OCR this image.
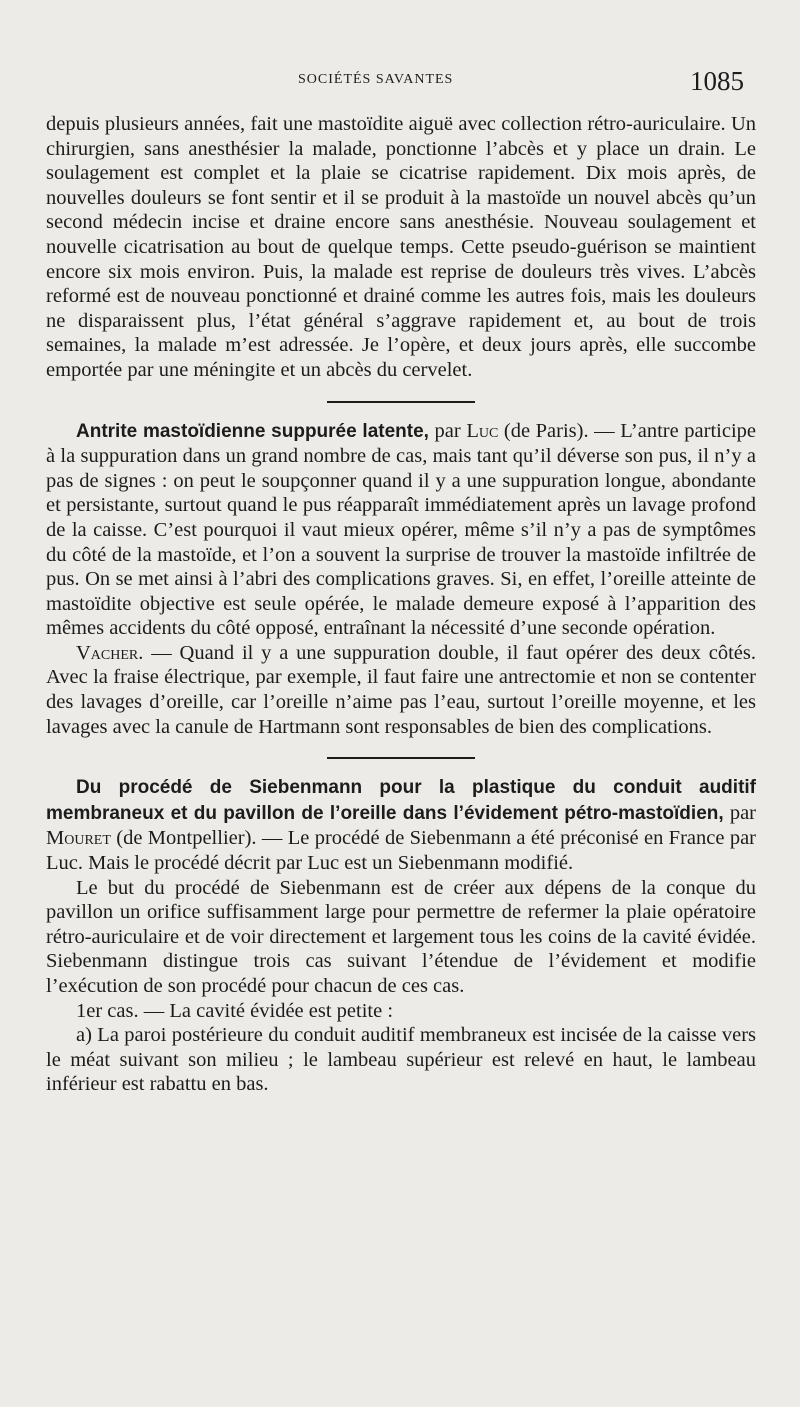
SOCIÉTÉS SAVANTES	1085

depuis plusieurs années, fait une mastoïdite aiguë avec collection rétro-auriculaire. Un chirurgien, sans anesthésier la malade, ponctionne l’abcès et y place un drain. Le soulagement est complet et la plaie se cicatrise rapidement. Dix mois après, de nouvelles douleurs se font sentir et il se produit à la mastoïde un nouvel abcès qu’un second médecin incise et draine encore sans anesthésie. Nouveau soulagement et nouvelle cicatrisation au bout de quelque temps. Cette pseudo-guérison se maintient encore six mois environ. Puis, la malade est reprise de douleurs très vives. L’abcès reformé est de nouveau ponctionné et drainé comme les autres fois, mais les douleurs ne disparaissent plus, l’état général s’aggrave rapidement et, au bout de trois semaines, la malade m’est adressée. Je l’opère, et deux jours après, elle succombe emportée par une méningite et un abcès du cervelet.

Antrite mastoïdienne suppurée latente, par Luc (de Paris). — L’antre participe à la suppuration dans un grand nombre de cas, mais tant qu’il déverse son pus, il n’y a pas de signes : on peut le soupçonner quand il y a une suppuration longue, abondante et persistante, surtout quand le pus réapparaît immédiatement après un lavage profond de la caisse. C’est pourquoi il vaut mieux opérer, même s’il n’y a pas de symptômes du côté de la mastoïde, et l’on a souvent la surprise de trouver la mastoïde infiltrée de pus. On se met ainsi à l’abri des complications graves. Si, en effet, l’oreille atteinte de mastoïdite objective est seule opérée, le malade demeure exposé à l’apparition des mêmes accidents du côté opposé, entraînant la nécessité d’une seconde opération.

Vacher. — Quand il y a une suppuration double, il faut opérer des deux côtés. Avec la fraise électrique, par exemple, il faut faire une antrectomie et non se contenter des lavages d’oreille, car l’oreille n’aime pas l’eau, surtout l’oreille moyenne, et les lavages avec la canule de Hartmann sont responsables de bien des complications.

Du procédé de Siebenmann pour la plastique du conduit auditif membraneux et du pavillon de l’oreille dans l’évidement pétro-mastoïdien, par Mouret (de Montpellier). — Le procédé de Siebenmann a été préconisé en France par Luc. Mais le procédé décrit par Luc est un Siebenmann modifié.

Le but du procédé de Siebenmann est de créer aux dépens de la conque du pavillon un orifice suffisamment large pour permettre de refermer la plaie opératoire rétro-auriculaire et de voir directement et largement tous les coins de la cavité évidée. Siebenmann distingue trois cas suivant l’étendue de l’évidement et modifie l’exécution de son procédé pour chacun de ces cas.

1er cas. — La cavité évidée est petite :

a) La paroi postérieure du conduit auditif membraneux est incisée de la caisse vers le méat suivant son milieu ; le lambeau supérieur est relevé en haut, le lambeau inférieur est rabattu en bas.
